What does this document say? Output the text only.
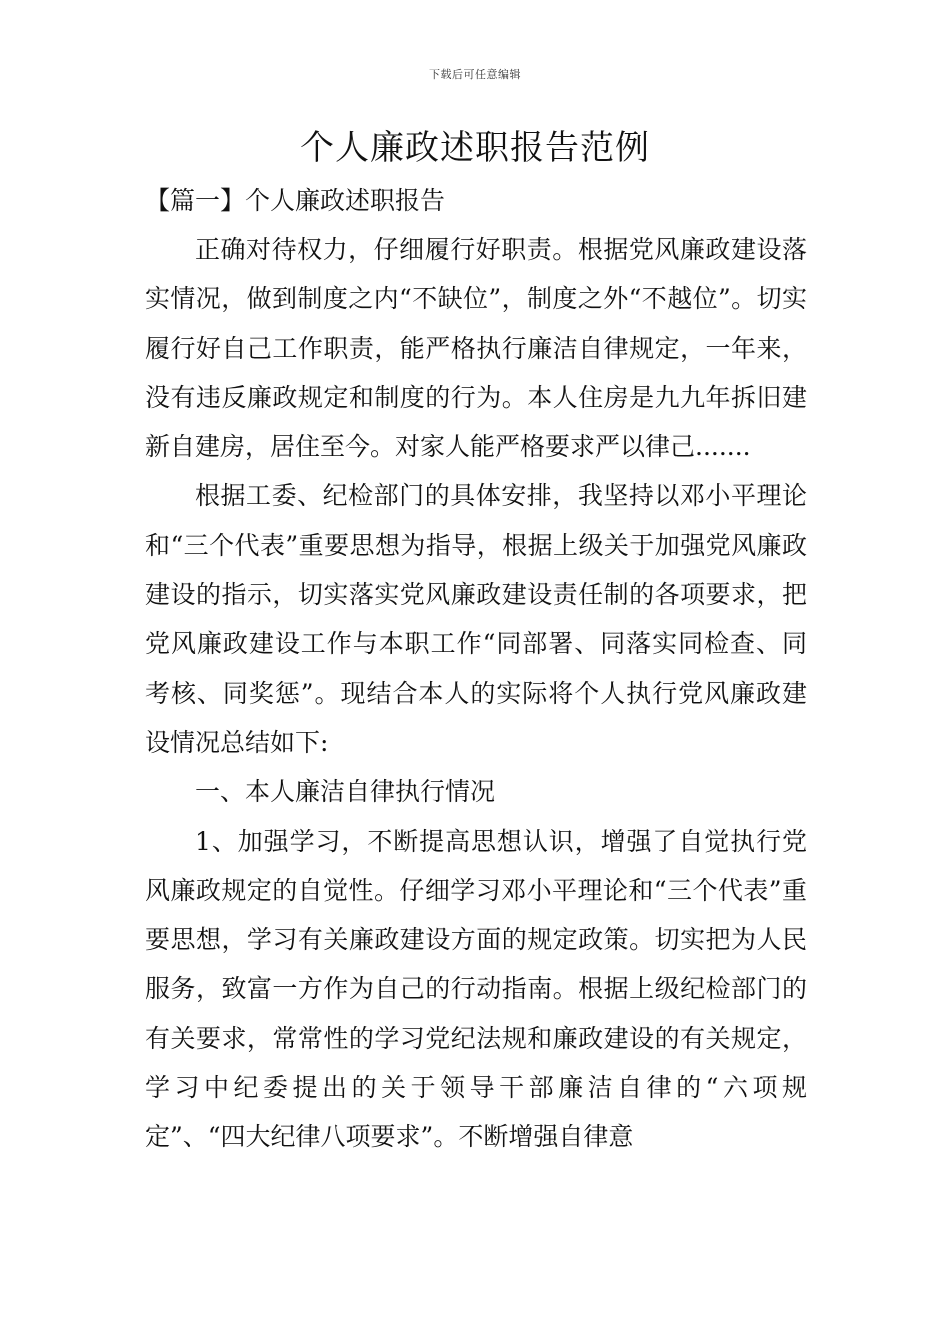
下载后可任意编辑
个人廉政述职报告范例
【篇一】个人廉政述职报告

正确对待权力，仔细履行好职责。根据党风廉政建设落实情况，做到制度之内“不缺位”，制度之外“不越位”。切实履行好自己工作职责，能严格执行廉洁自律规定，一年来，没有违反廉政规定和制度的行为。本人住房是九九年拆旧建新自建房，居住至今。对家人能严格要求严以律己.......

根据工委、纪检部门的具体安排，我坚持以邓小平理论和“三个代表”重要思想为指导，根据上级关于加强党风廉政建设的指示，切实落实党风廉政建设责任制的各项要求，把党风廉政建设工作与本职工作“同部署、同落实同检查、同考核、同奖惩”。现结合本人的实际将个人执行党风廉政建设情况总结如下:

一、本人廉洁自律执行情况

1、加强学习，不断提高思想认识，增强了自觉执行党风廉政规定的自觉性。仔细学习邓小平理论和“三个代表”重要思想，学习有关廉政建设方面的规定政策。切实把为人民服务，致富一方作为自己的行动指南。根据上级纪检部门的有关要求，常常性的学习党纪法规和廉政建设的有关规定，学习中纪委提出的关于领导干部廉洁自律的“六项规定”、“四大纪律八项要求”。不断增强自律意
